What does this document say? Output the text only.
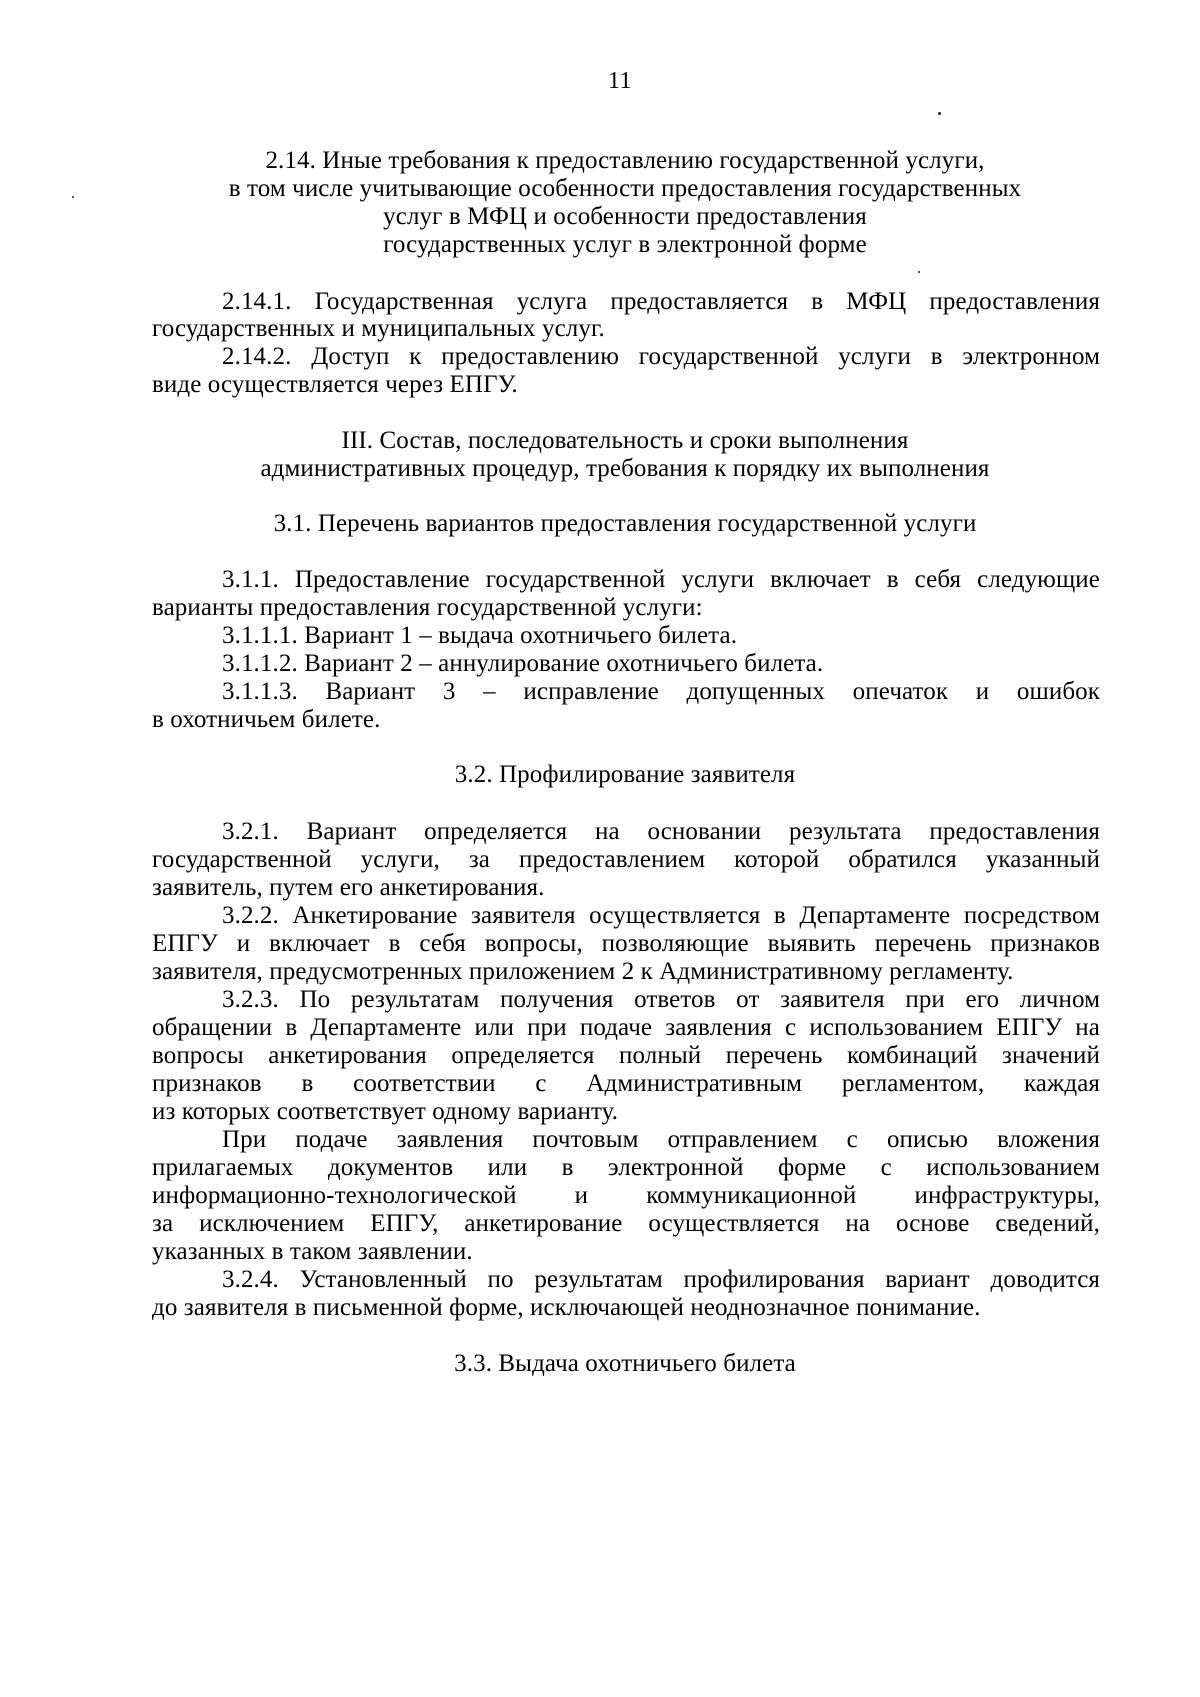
11
2.14. Иные требования к предоставлению государственной услуги,
в том числе учитывающие особенности предоставления государственных
услуг в МФЦ и особенности предоставления
государственных услуг в электронной форме
2.14.1. Государственная услуга предоставляется в МФЦ предоставления
государственных и муниципальных услуг.
2.14.2. Доступ к предоставлению государственной услуги в электронном
виде осуществляется через ЕПГУ.
III. Состав, последовательность и сроки выполнения
административных процедур, требования к порядку их выполнения
3.1. Перечень вариантов предоставления государственной услуги
3.1.1. Предоставление государственной услуги включает в себя следующие
варианты предоставления государственной услуги:
3.1.1.1. Вариант 1 – выдача охотничьего билета.
3.1.1.2. Вариант 2 – аннулирование охотничьего билета.
3.1.1.3. Вариант 3 – исправление допущенных опечаток и ошибок
в охотничьем билете.
3.2. Профилирование заявителя
3.2.1. Вариант определяется на основании результата предоставления
государственной услуги, за предоставлением которой обратился указанный
заявитель, путем его анкетирования.
3.2.2. Анкетирование заявителя осуществляется в Департаменте посредством
ЕПГУ и включает в себя вопросы, позволяющие выявить перечень признаков
заявителя, предусмотренных приложением 2 к Административному регламенту.
3.2.3. По результатам получения ответов от заявителя при его личном
обращении в Департаменте или при подаче заявления с использованием ЕПГУ на
вопросы анкетирования определяется полный перечень комбинаций значений
признаков в соответствии с Административным регламентом, каждая
из которых соответствует одному варианту.
При подаче заявления почтовым отправлением с описью вложения
прилагаемых документов или в электронной форме с использованием
информационно-технологической и коммуникационной инфраструктуры,
за исключением ЕПГУ, анкетирование осуществляется на основе сведений,
указанных в таком заявлении.
3.2.4. Установленный по результатам профилирования вариант доводится
до заявителя в письменной форме, исключающей неоднозначное понимание.
3.3. Выдача охотничьего билета
